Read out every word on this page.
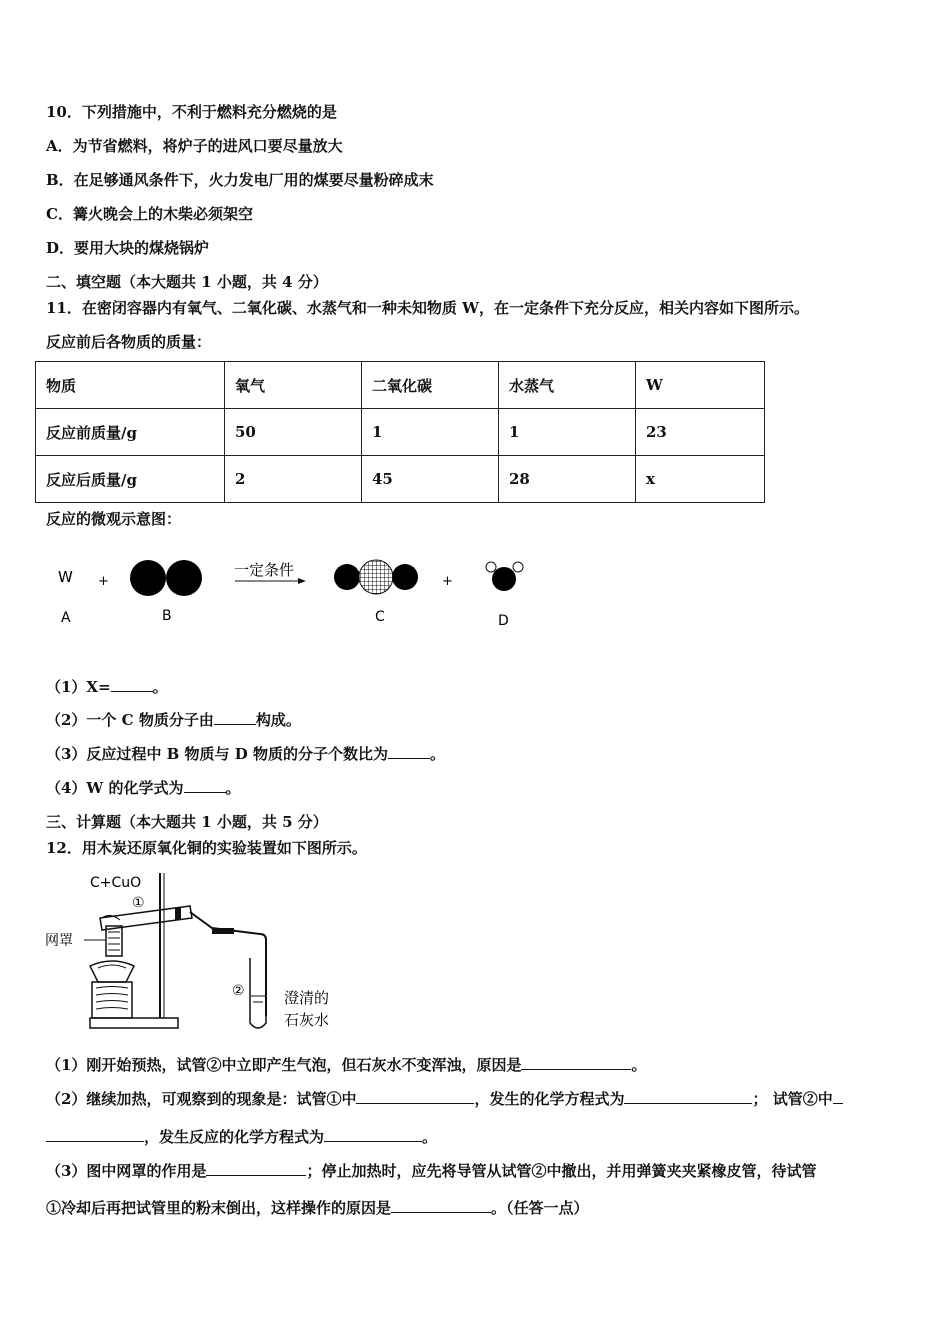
10．下列措施中，不利于燃料充分燃烧的是
A．为节省燃料，将炉子的进风口要尽量放大
B．在足够通风条件下，火力发电厂用的煤要尽量粉碎成末
C．篝火晚会上的木柴必须架空
D．要用大块的煤烧锅炉
二、填空题（本大题共 1 小题，共 4 分）
11．在密闭容器内有氧气、二氧化碳、水蒸气和一种未知物质 W，在一定条件下充分反应，相关内容如下图所示。
反应前后各物质的质量：
物质	氧气	二氧化碳	水蒸气	W
反应前质量/g	50	1	1	23
反应后质量/g	2	45	28	x
反应的微观示意图：
W +
一定条件
+
A	B	C	D
（1）X=	。
（2）一个 C 物质分子由	构成。
（3）反应过程中 B 物质与 D 物质的分子个数比为	。
（4）W 的化学式为	。
三、计算题（本大题共 1 小题，共 5 分）
12．用木炭还原氧化铜的实验装置如下图所示。
C+CuO
①
网罩
②	澄清的
石灰水
（1）刚开始预热，试管②中立即产生气泡，但石灰水不变浑浊，原因是	。
（2）继续加热，可观察到的现象是：试管①中	，发生的化学方程式为	； 试管②中
，发生反应的化学方程式为	。
（3）图中网罩的作用是	；停止加热时，应先将导管从试管②中撤出，并用弹簧夹夹紧橡皮管，待试管
①冷却后再把试管里的粉末倒出，这样操作的原因是	。（任答一点）
